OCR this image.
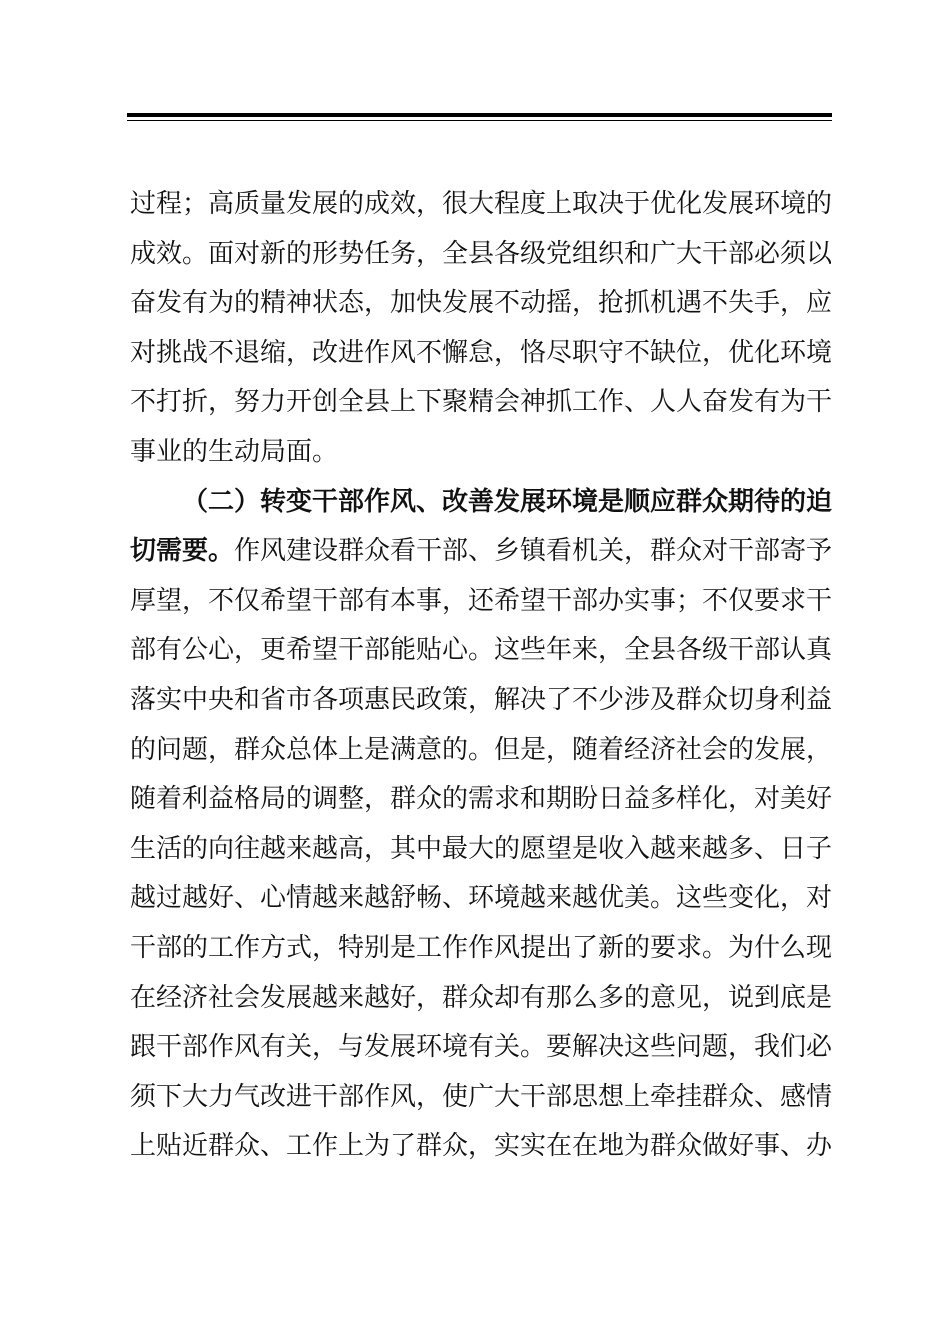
过程；高质量发展的成效，很大程度上取决于优化发展环境的
成效。面对新的形势任务，全县各级党组织和广大干部必须以
奋发有为的精神状态，加快发展不动摇，抢抓机遇不失手，应
对挑战不退缩，改进作风不懈怠，恪尽职守不缺位，优化环境
不打折，努力开创全县上下聚精会神抓工作、人人奋发有为干
事业的生动局面。
（二）转变干部作风、改善发展环境是顺应群众期待的迫
切需要。作风建设群众看干部、乡镇看机关，群众对干部寄予
厚望，不仅希望干部有本事，还希望干部办实事；不仅要求干
部有公心，更希望干部能贴心。这些年来，全县各级干部认真
落实中央和省市各项惠民政策，解决了不少涉及群众切身利益
的问题，群众总体上是满意的。但是，随着经济社会的发展，
随着利益格局的调整，群众的需求和期盼日益多样化，对美好
生活的向往越来越高，其中最大的愿望是收入越来越多、日子
越过越好、心情越来越舒畅、环境越来越优美。这些变化，对
干部的工作方式，特别是工作作风提出了新的要求。为什么现
在经济社会发展越来越好，群众却有那么多的意见，说到底是
跟干部作风有关，与发展环境有关。要解决这些问题，我们必
须下大力气改进干部作风，使广大干部思想上牵挂群众、感情
上贴近群众、工作上为了群众，实实在在地为群众做好事、办
